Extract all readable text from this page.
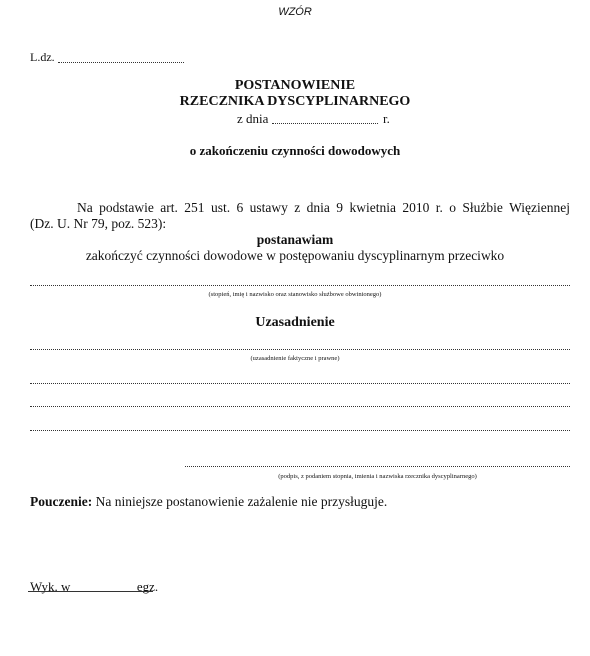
WZÓR
L.dz.
POSTANOWIENIE
RZECZNIKA DYSCYPLINARNEGO
z dnia	r.
o zakończeniu czynności dowodowych
Na podstawie art. 251 ust. 6 ustawy z dnia 9 kwietnia 2010 r. o Służbie Więziennej
(Dz. U. Nr 79, poz. 523):
postanawiam
zakończyć czynności dowodowe w postępowaniu dyscyplinarnym przeciwko
(stopień, imię i nazwisko oraz stanowisko służbowe obwinionego)
Uzasadnienie
(uzasadnienie faktyczne i prawne)
(podpis, z podaniem stopnia, imienia i nazwiska rzecznika dyscyplinarnego)
Pouczenie: Na niniejsze postanowienie zażalenie nie przysługuje.
Wyk. w	egz.
